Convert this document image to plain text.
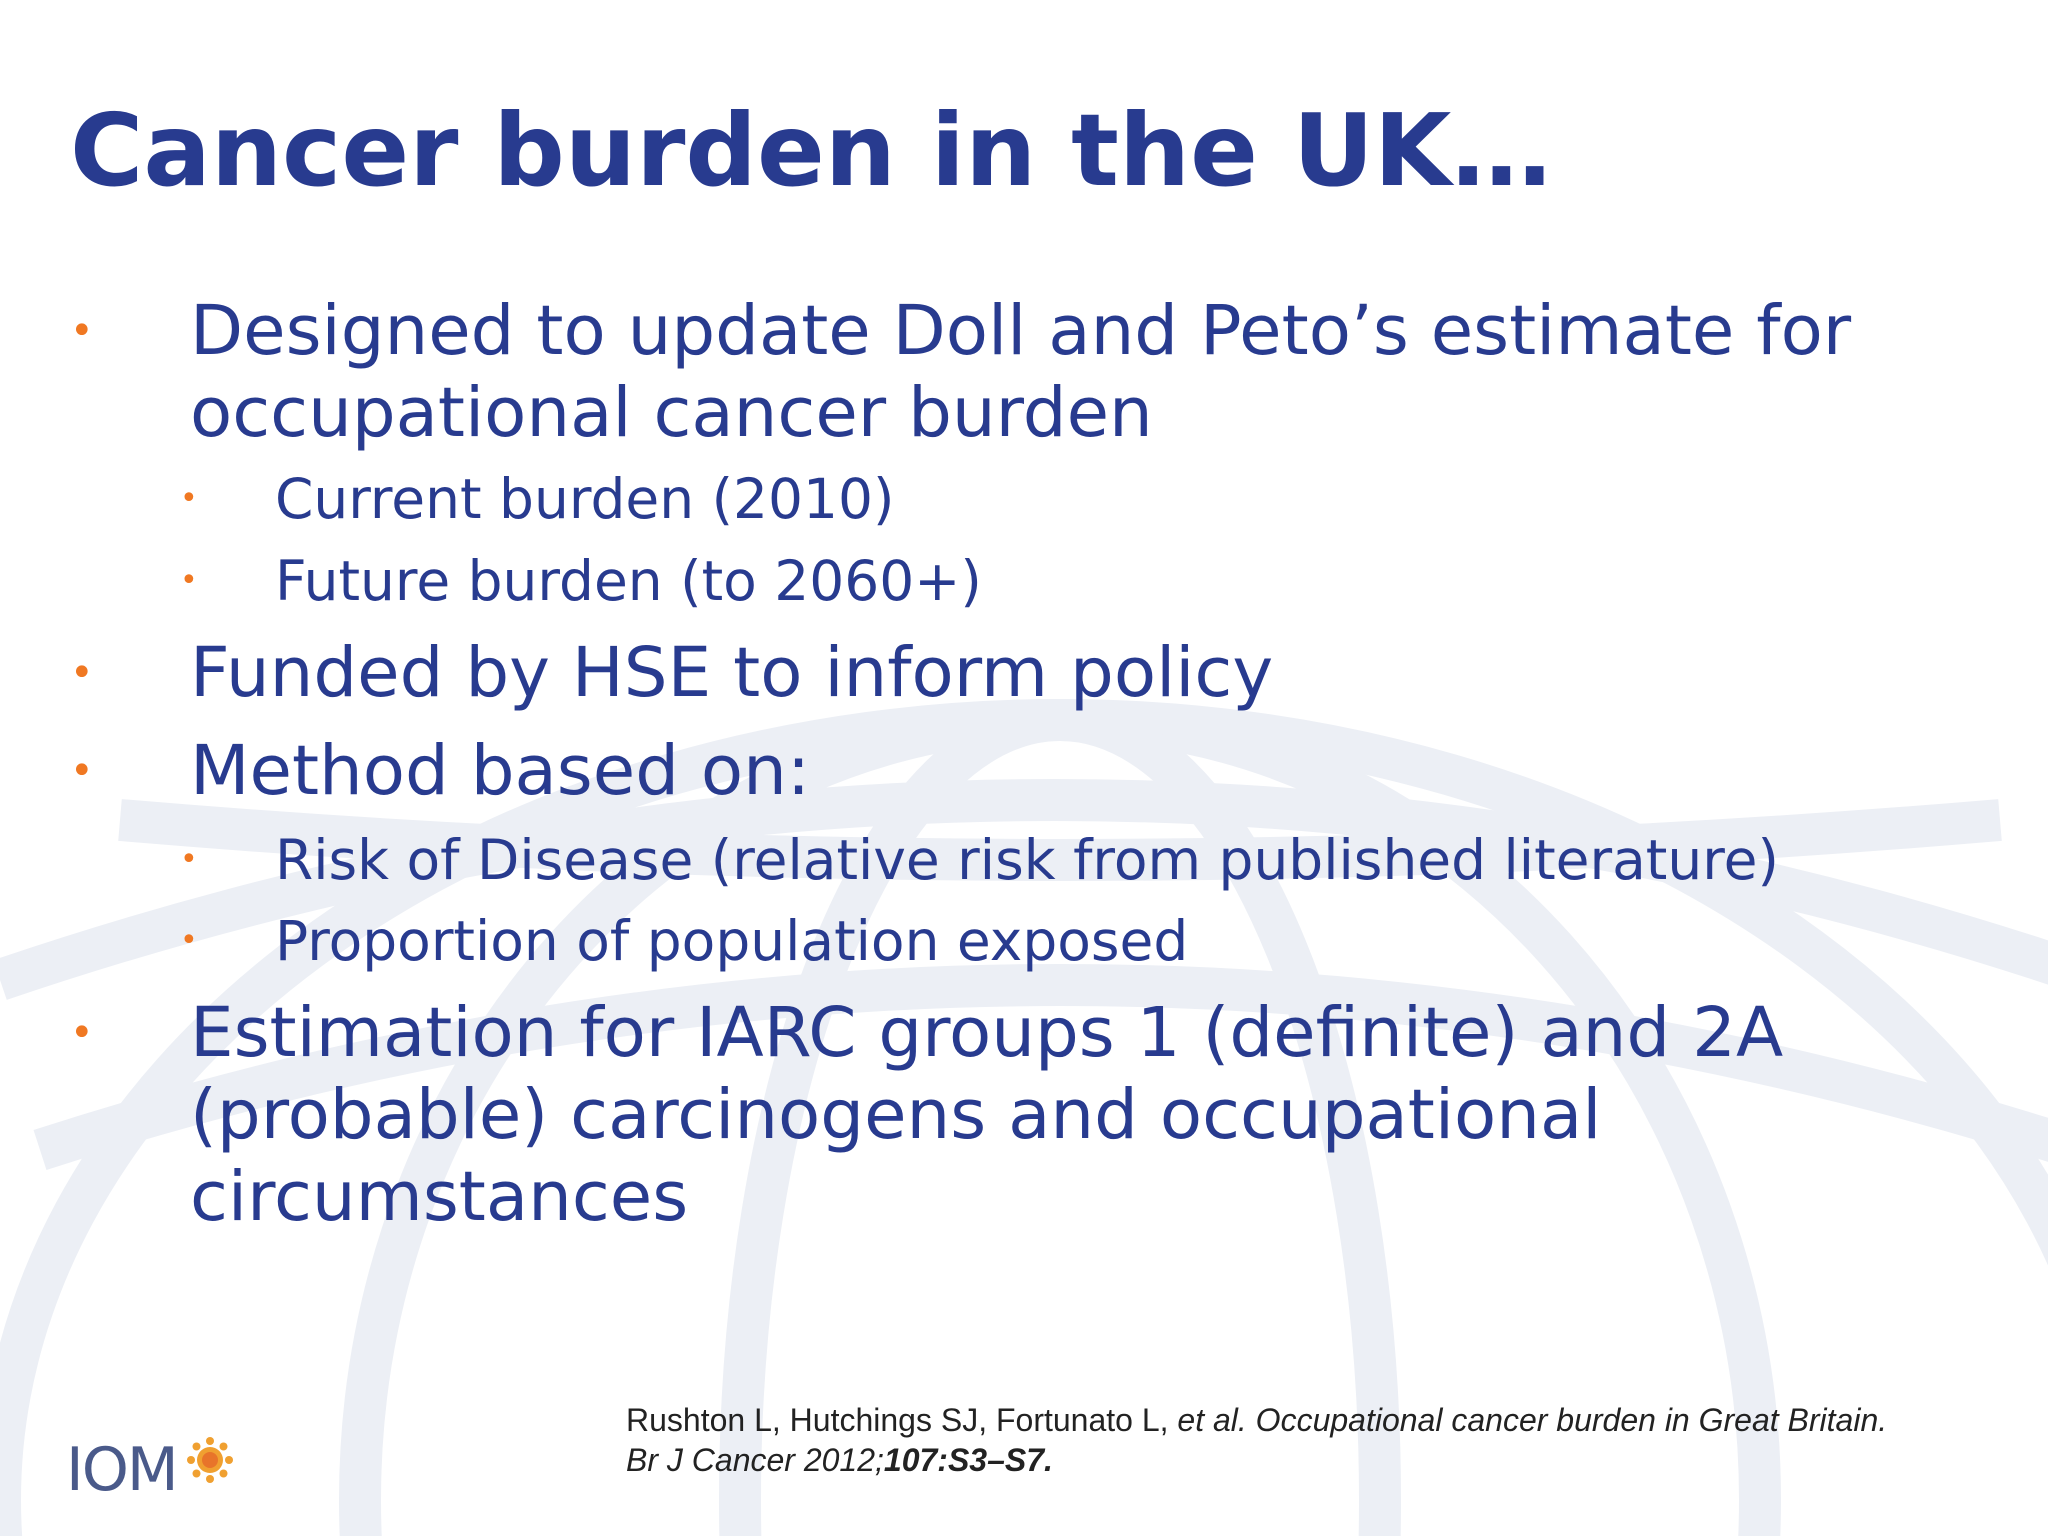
Cancer burden in the UK…
• Designed to update Doll and Peto’s estimate for
occupational cancer burden
• Current burden (2010)
• Future burden (to 2060+)
• Funded by HSE to inform policy
• Method based on:
• Risk of Disease (relative risk from published literature)
• Proportion of population exposed
• Estimation for IARC groups 1 (definite) and 2A
(probable) carcinogens and occupational
circumstances
Rushton L, Hutchings SJ, Fortunato L, et al. Occupational cancer burden in Great Britain. Br J Cancer 2012;107:S3–S7.
IOM
